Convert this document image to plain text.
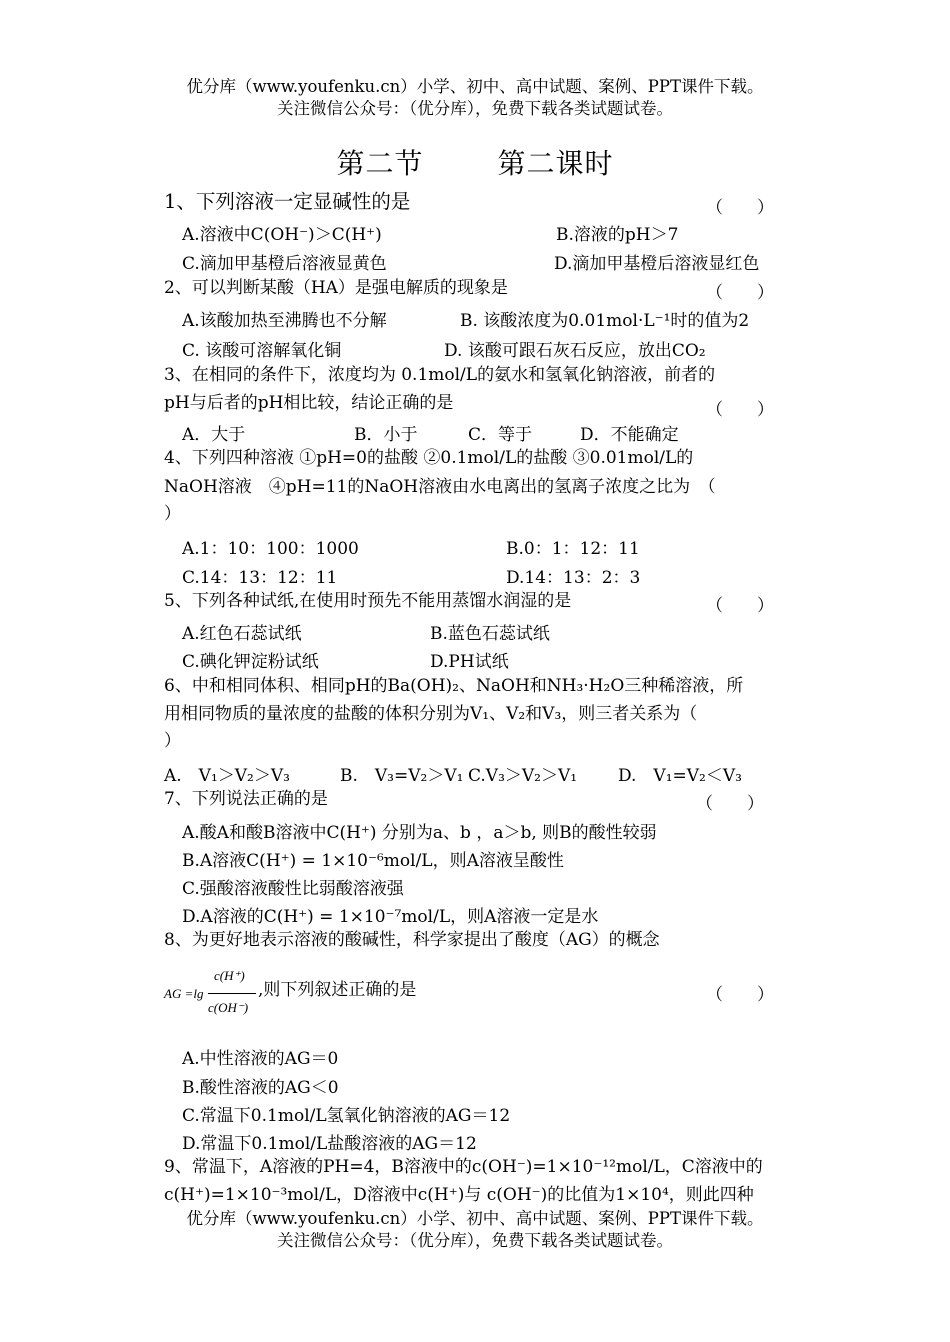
优分库（www.youfenku.cn）小学、初中、高中试题、案例、PPT课件下载。
关注微信公众号：（优分库），免费下载各类试题试卷。
第二节	第二课时
1、下列溶液一定显碱性的是	（　　）
A.溶液中C(OH⁻)＞C(H⁺)	B.溶液的pH＞7
C.滴加甲基橙后溶液显黄色	D.滴加甲基橙后溶液显红色
2、可以判断某酸（HA）是强电解质的现象是	（　　）
A.该酸加热至沸腾也不分解	B. 该酸浓度为0.01mol·L⁻¹时的值为2
C. 该酸可溶解氧化铜	D. 该酸可跟石灰石反应，放出CO₂
3、在相同的条件下，浓度均为 0.1mol/L的氨水和氢氧化钠溶液，前者的
pH与后者的pH相比较，结论正确的是	（　　）
A．大于	B．小于	C．等于	D．不能确定
4、下列四种溶液 ①pH=0的盐酸 ②0.1mol/L的盐酸 ③0.01mol/L的
NaOH溶液　④pH=11的NaOH溶液由水电离出的氢离子浓度之比为　（
）
A.1：10：100：1000	B.0：1：12：11
C.14：13：12：11	D.14：13：2：3
5、下列各种试纸,在使用时预先不能用蒸馏水润湿的是	（　　）
A.红色石蕊试纸	B.蓝色石蕊试纸
C.碘化钾淀粉试纸	D.PH试纸
6、中和相同体积、相同pH的Ba(OH)₂、NaOH和NH₃·H₂O三种稀溶液，所
用相同物质的量浓度的盐酸的体积分别为V₁、V₂和V₃，则三者关系为（
）
A.　V₁＞V₂＞V₃	B.　V₃=V₂＞V₁ C.V₃＞V₂＞V₁ D.　V₁=V₂＜V₃
7、下列说法正确的是	（　　）
A.酸A和酸B溶液中C(H⁺) 分别为a、b ，a＞b, 则B的酸性较弱
B.A溶液C(H⁺) = 1×10⁻⁶mol/L，则A溶液呈酸性
C.强酸溶液酸性比弱酸溶液强
D.A溶液的C(H⁺) = 1×10⁻⁷mol/L，则A溶液一定是水
8、为更好地表示溶液的酸碱性，科学家提出了酸度（AG）的概念
AG =lg
c(H⁺)
c(OH⁻)
,则下列叙述正确的是	（　　）
A.中性溶液的AG＝0
B.酸性溶液的AG＜0
C.常温下0.1mol/L氢氧化钠溶液的AG＝12
D.常温下0.1mol/L盐酸溶液的AG＝12
9、常温下，A溶液的PH=4，B溶液中的c(OH⁻)=1×10⁻¹²mol/L，C溶液中的
c(H⁺)=1×10⁻³mol/L，D溶液中c(H⁺)与 c(OH⁻)的比值为1×10⁴，则此四种
优分库（www.youfenku.cn）小学、初中、高中试题、案例、PPT课件下载。
关注微信公众号：（优分库），免费下载各类试题试卷。
